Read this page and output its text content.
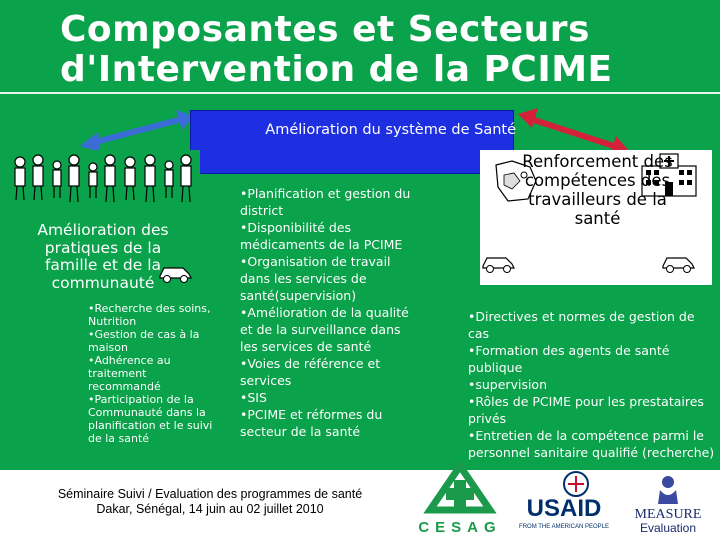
Composantes et Secteurs
d'Intervention de la PCIME
Amélioration du système de Santé
Amélioration des pratiques de la famille et de la communauté
•Recherche des soins, Nutrition
•Gestion de cas à la maison
•Adhérence au traitement recommandé
•Participation de la Communauté dans la planification et le suivi de la santé
•Planification et gestion du district
•Disponibilité des médicaments de la PCIME
•Organisation de travail dans les services de santé(supervision)
•Amélioration de la qualité et de la surveillance dans les services de santé
•Voies de référence et services
•SIS
•PCIME et réformes du secteur de la santé
Renforcement des compétences des travailleurs de la santé
•Directives et normes de gestion de cas
•Formation des agents de santé publique
•supervision
•Rôles de PCIME pour les prestataires privés
•Entretien de la compétence parmi le personnel sanitaire qualifié (recherche)
Séminaire Suivi / Evaluation des programmes de santé
Dakar, Sénégal, 14 juin au 02 juillet 2010
CESAG
USAID
FROM THE AMERICAN PEOPLE
MEASURE
Evaluation
